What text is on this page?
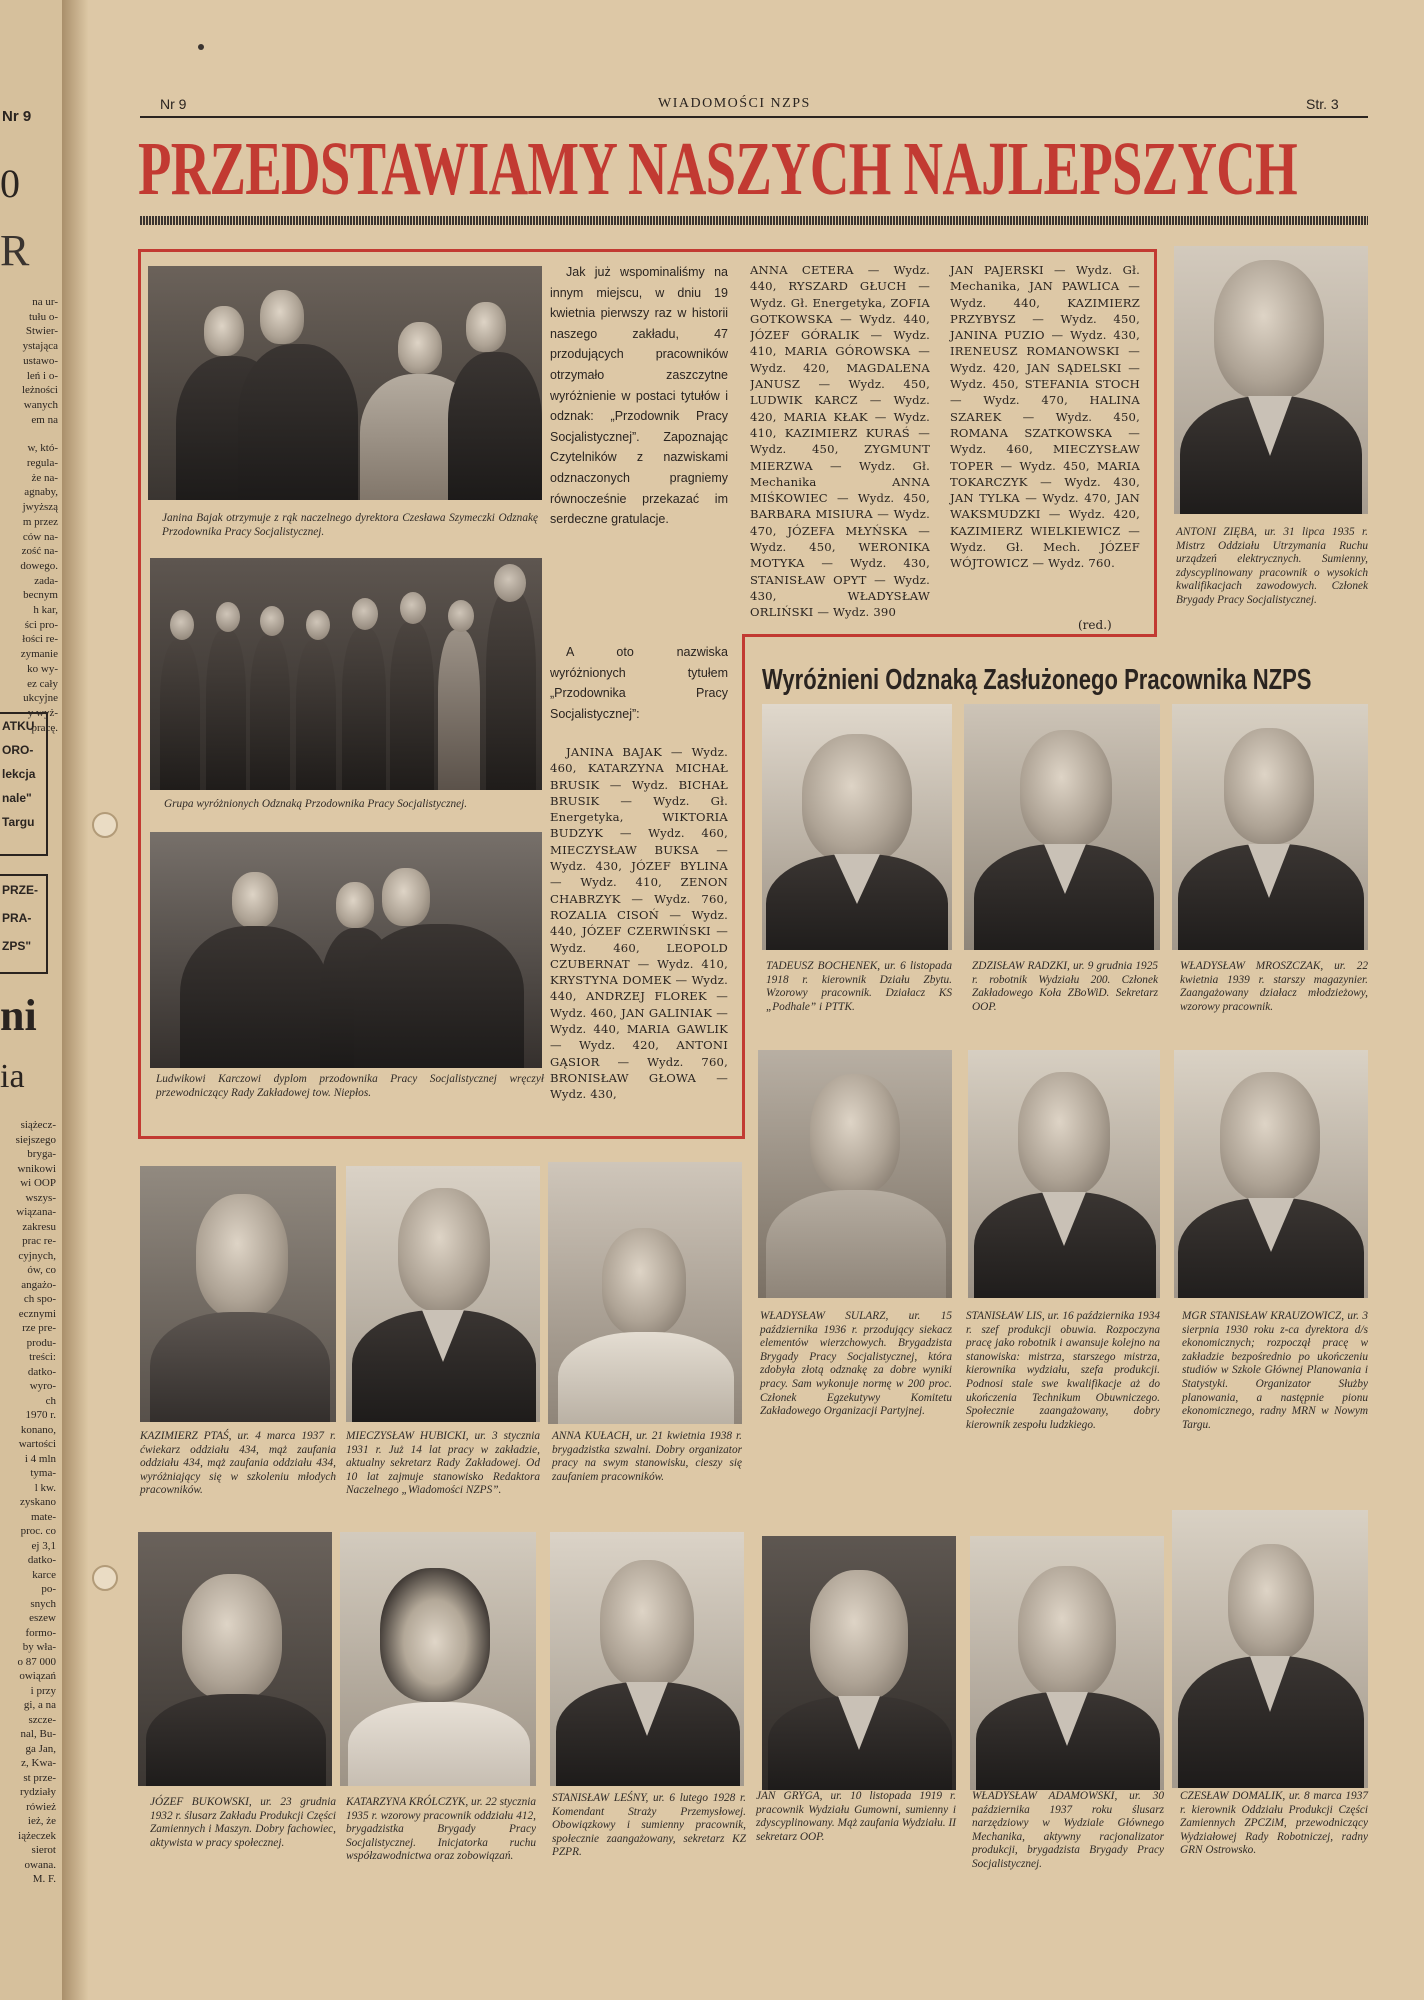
Nr 9
0
R
na ur-
tułu o-
Stwier-
ystająca
ustawo-
leń i o-
leżności
wanych
em na
w, któ-
regula-
że na-
agnaby,
jwyższą
m przez
ców na-
zość na-
dowego.
zada-
becnym
h kar,
ści pro-
łości re-
zymanie
ko wy-
ez cały
ukcyjne
y wyż-
pracę.
ATKU
ORO-
lekcja
nale"
Targu
PRZE-
PRA-
ZPS"
ni
ia
siążecz-
siejszego
bryga-
wnikowi
wi OOP
wszys-
wiązana-
zakresu
prac re-
cyjnych,
ów, co
angażo-
ch spo-
ecznymi
rze pre-
produ-
treści:
datko-
wyro-
ch
1970 r.
konano,
wartości
i 4 mln
tyma-
l kw.
zyskano
mate-
proc. co
ej 3,1
datko-
karce
po-
snych
eszew
formo-
by wła-
o 87 000
owiązań
i przy
gi, a na
szcze-
nal, Bu-
ga Jan,
z, Kwa-
st prze-
rydziały
rówież
ież, że
iążeczek
sierot
owana.
M. F.
Nr 9	WIADOMOŚCI NZPS	Str. 3
PRZEDSTAWIAMY NASZYCH NAJLEPSZYCH

Janina Bajak otrzymuje z rąk naczelnego dyrektora Czesława Szymeczki Odznakę Przodownika Pracy Socjalistycznej.

Grupa wyróżnionych Odznaką Przodownika Pracy Socjalistycznej.

Ludwikowi Karczowi dyplom przodownika Pracy Socjalistycznej wręczył przewodniczący Rady Zakładowej tow. Niepłos.

Jak już wspominaliśmy na innym miejscu, w dniu 19 kwietnia pierwszy raz w historii naszego zakładu, 47 przodujących pracowników otrzymało zaszczytne wyróżnienie w postaci tytułów i odznak: „Przodownik Pracy Socjalistycznej”. Zapoznając Czytelników z nazwiskami odznaczonych pragniemy równocześnie przekazać im serdeczne gratulacje.

A oto nazwiska wyróżnionych tytułem „Przodownika Pracy Socjalistycznej”:

JANINA BAJAK — Wydz. 460, KATARZYNA MICHAŁ BRUSIK — Wydz. BICHAŁ BRUSIK — Wydz. Gł. Energetyka, WIKTORIA BUDZYK — Wydz. 460, MIECZYSŁAW BUKSA — Wydz. 430, JÓZEF BYLINA — Wydz. 410, ZENON CHABRZYK — Wydz. 760, ROZALIA CISOŃ — Wydz. 440, JÓZEF CZERWIŃSKI — Wydz. 460, LEOPOLD CZUBERNAT — Wydz. 410, KRYSTYNA DOMEK — Wydz. 440, ANDRZEJ FLOREK — Wydz. 460, JAN GALINIAK — Wydz. 440, MARIA GAWLIK — Wydz. 420, ANTONI GĄSIOR — Wydz. 760, BRONISŁAW GŁOWA — Wydz. 430,

ANNA CETERA — Wydz. 440, RYSZARD GŁUCH — Wydz. Gł. Energetyka, ZOFIA GOTKOWSKA — Wydz. 440, JÓZEF GÓRALIK — Wydz. 410, MARIA GÓROWSKA — Wydz. 420, MAGDALENA JANUSZ — Wydz. 450, LUDWIK KARCZ — Wydz. 420, MARIA KŁAK — Wydz. 410, KAZIMIERZ KURAŚ — Wydz. 450, ZYGMUNT MIERZWA — Wydz. Gł. Mechanika ANNA MIŚKOWIEC — Wydz. 450, BARBARA MISIURA — Wydz. 470, JÓZEFA MŁYŃSKA — Wydz. 450, WERONIKA MOTYKA — Wydz. 430, STANISŁAW OPYT — Wydz. 430, WŁADYSŁAW ORLIŃSKI — Wydz. 390

JAN PAJERSKI — Wydz. Gł. Mechanika, JAN PAWLICA — Wydz. 440, KAZIMIERZ PRZYBYSZ — Wydz. 450, JANINA PUZIO — Wydz. 430, IRENEUSZ ROMANOWSKI — Wydz. 420, JAN SĄDELSKI — Wydz. 450, STEFANIA STOCH — Wydz. 470, HALINA SZAREK — Wydz. 450, ROMANA SZATKOWSKA — Wydz. 460, MIECZYSŁAW TOPER — Wydz. 450, MARIA TOKARCZYK — Wydz. 430, JAN TYLKA — Wydz. 470, JAN WAKSMUDZKI — Wydz. 420, KAZIMIERZ WIELKIEWICZ — Wydz. Gł. Mech. JÓZEF WÓJTOWICZ — Wydz. 760.

(red.)

ANTONI ZIĘBA, ur. 31 lipca 1935 r. Mistrz Oddziału Utrzymania Ruchu urządzeń elektrycznych. Sumienny, zdyscyplinowany pracownik o wysokich kwalifikacjach zawodowych. Członek Brygady Pracy Socjalistycznej.

Wyróżnieni Odznaką Zasłużonego Pracownika NZPS

TADEUSZ BOCHENEK, ur. 6 listopada 1918 r. kierownik Działu Zbytu. Wzorowy pracownik. Działacz KS „Podhale” i PTTK.

ZDZISŁAW RADZKI, ur. 9 grudnia 1925 r. robotnik Wydziału 200. Członek Zakładowego Koła ZBoWiD. Sekretarz OOP.

WŁADYSŁAW MROSZCZAK, ur. 22 kwietnia 1939 r. starszy magazynier. Zaangażowany działacz młodzieżowy, wzorowy pracownik.

WŁADYSŁAW SULARZ, ur. 15 października 1936 r. przodujący siekacz elementów wierzchowych. Brygadzista Brygady Pracy Socjalistycznej, która zdobyła złotą odznakę za dobre wyniki pracy. Sam wykonuje normę w 200 proc. Członek Egzekutywy Komitetu Zakładowego Organizacji Partyjnej.

STANISŁAW LIS, ur. 16 października 1934 r. szef produkcji obuwia. Rozpoczyna pracę jako robotnik i awansuje kolejno na stanowiska: mistrza, starszego mistrza, kierownika wydziału, szefa produkcji. Podnosi stale swe kwalifikacje aż do ukończenia Technikum Obuwniczego. Społecznie zaangażowany, dobry kierownik zespołu ludzkiego.

MGR STANISŁAW KRAUZOWICZ, ur. 3 sierpnia 1930 roku z-ca dyrektora d/s ekonomicznych; rozpoczął pracę w zakładzie bezpośrednio po ukończeniu studiów w Szkole Głównej Planowania i Statystyki. Organizator Służby planowania, a następnie pionu ekonomicznego, radny MRN w Nowym Targu.

KAZIMIERZ PTAŚ, ur. 4 marca 1937 r. ćwiekarz oddziału 434, mąż zaufania oddziału 434, mąż zaufania oddziału 434, wyróżniający się w szkoleniu młodych pracowników.

MIECZYSŁAW HUBICKI, ur. 3 stycznia 1931 r. Już 14 lat pracy w zakładzie, aktualny sekretarz Rady Zakładowej. Od 10 lat zajmuje stanowisko Redaktora Naczelnego „Wiadomości NZPS”.

ANNA KUŁACH, ur. 21 kwietnia 1938 r. brygadzistka szwalni. Dobry organizator pracy na swym stanowisku, cieszy się zaufaniem pracowników.

JÓZEF BUKOWSKI, ur. 23 grudnia 1932 r. ślusarz Zakładu Produkcji Części Zamiennych i Maszyn. Dobry fachowiec, aktywista w pracy społecznej.

KATARZYNA KRÓLCZYK, ur. 22 stycznia 1935 r. wzorowy pracownik oddziału 412, brygadzistka Brygady Pracy Socjalistycznej. Inicjatorka ruchu współzawodnictwa oraz zobowiązań.

STANISŁAW LEŚNY, ur. 6 lutego 1928 r. Komendant Straży Przemysłowej. Obowiązkowy i sumienny pracownik, społecznie zaangażowany, sekretarz KZ PZPR.

JAN GRYGA, ur. 10 listopada 1919 r. pracownik Wydziału Gumowni, sumienny i zdyscyplinowany. Mąż zaufania Wydziału. II sekretarz OOP.

WŁADYSŁAW ADAMOWSKI, ur. 30 października 1937 roku ślusarz narzędziowy w Wydziale Głównego Mechanika, aktywny racjonalizator produkcji, brygadzista Brygady Pracy Socjalistycznej.

CZESŁAW DOMALIK, ur. 8 marca 1937 r. kierownik Oddziału Produkcji Części Zamiennych ZPCZiM, przewodniczący Wydziałowej Rady Robotniczej, radny GRN Ostrowsko.
